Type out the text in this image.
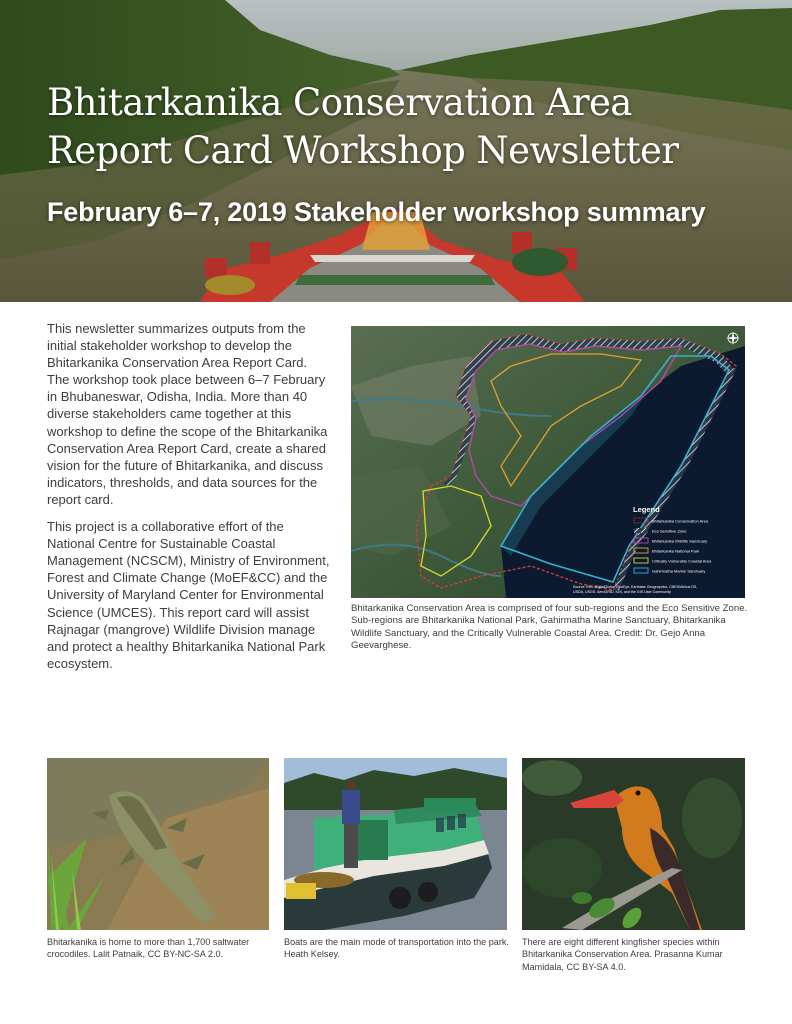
Bhitarkanika Conservation Area Report Card Workshop Newsletter
February 6–7, 2019 Stakeholder workshop summary

This newsletter summarizes outputs from the initial stakeholder workshop to develop the Bhitarkanika Conservation Area Report Card. The workshop took place between 6–7 February in Bhubaneswar, Odisha, India. More than 40 diverse stakeholders came together at this workshop to define the scope of the Bhitarkanika Conservation Area Report Card, create a shared vision for the future of Bhitarkanika, and discuss indicators, thresholds, and data sources for the report card.

This project is a collaborative effort of the National Centre for Sustainable Coastal Management (NCSCM), Ministry of Environment, Forest and Climate Change (MoEF&CC) and the University of Maryland Center for Environmental Science (UMCES). This report card will assist Rajnagar (mangrove) Wildlife Division manage and protect a healthy Bhitarkanika National Park ecosystem.

Legend
Bhitarkanika Conservation Area
Eco Sensitive Zone
Bhitarkanika Wildlife Sanctuary
Bhitarkanika National Park
Critically Vulnerable Coastal Area
Gahirmatha Marine Sanctuary
Source: Esri, DigitalGlobe, GeoEye, Earthstar Geographics, CNES/Airbus DS,
USDA, USGS, AeroGRID, IGN, and the GIS User Community
Bhitarkanika Conservation Area is comprised of four sub-regions and the Eco Sensitive Zone. Sub-regions are Bhitarkanika National Park, Gahirmatha Marine Sanctuary, Bhitarkanika Wildlife Sanctuary, and the Critically Vulnerable Coastal Area. Credit: Dr. Gejo Anna Geevarghese.

Bhitarkanika is home to more than 1,700 saltwater crocodiles. Lalit Patnaik, CC BY-NC-SA 2.0.

Boats are the main mode of transportation into the park. Heath Kelsey.

There are eight different kingfisher species within Bhitarkanika Conservation Area. Prasanna Kumar Mamidala, CC BY-SA 4.0.
